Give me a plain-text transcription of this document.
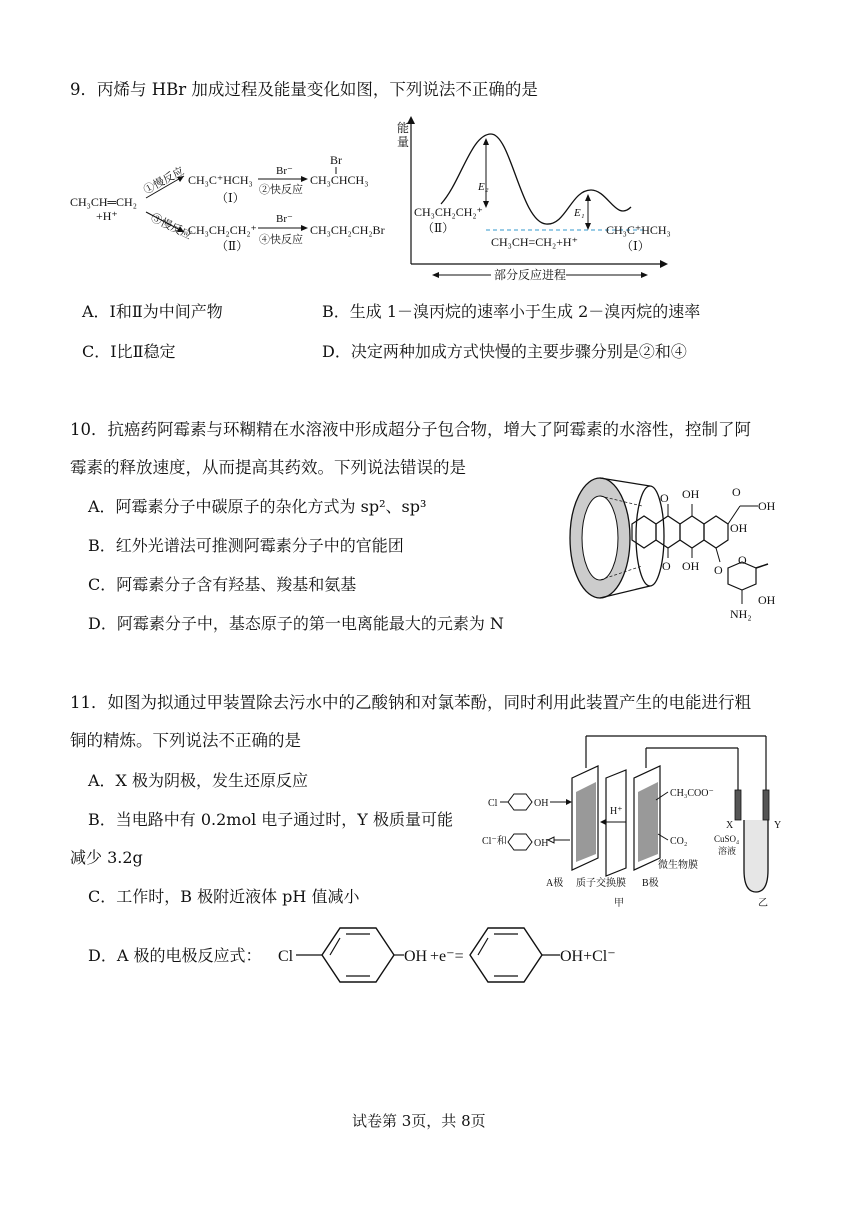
9．丙烯与 HBr 加成过程及能量变化如图，下列说法不正确的是
CH₃CH═CH₂
+H⁺
①慢反应
③慢反应
CH₃C⁺HCH₃
（Ⅰ）
Br⁻
②快反应
Br
CH₃CHCH₃
CH₃CH₂CH₂⁺
（Ⅱ）
Br⁻
④快反应
CH₃CH₂CH₂Br
能
量
E₂
E₁
CH₃CH₂CH₂⁺
（Ⅱ）
CH₃CH=CH₂+H⁺
CH₃C⁺HCH₃
（Ⅰ）
部分反应进程
A．Ⅰ和Ⅱ为中间产物	B．生成 1－溴丙烷的速率小于生成 2－溴丙烷的速率
C．Ⅰ比Ⅱ稳定	D．决定两种加成方式快慢的主要步骤分别是②和④
10．抗癌药阿霉素与环糊精在水溶液中形成超分子包合物，增大了阿霉素的水溶性，控制了阿
霉素的释放速度，从而提高其药效。下列说法错误的是
A．阿霉素分子中碳原子的杂化方式为 sp²、sp³
B．红外光谱法可推测阿霉素分子中的官能团
C．阿霉素分子含有羟基、羧基和氨基
D．阿霉素分子中，基态原子的第一电离能最大的元素为 N
O
O
OH
OH
O
OH
OH
O
O
OH
NH₂
11．如图为拟通过甲装置除去污水中的乙酸钠和对氯苯酚，同时利用此装置产生的电能进行粗
铜的精炼。下列说法不正确的是
A．X 极为阴极，发生还原反应
B．当电路中有 0.2mol 电子通过时，Y 极质量可能
减少 3.2g
C．工作时，B 极附近液体 pH 值减小
Cl	OH
Cl⁻和	OH
H⁺
CH₃COO⁻
CO₂
微生物膜
A极 质子交换膜 B极
甲
X	Y
CuSO₄
溶液
乙
D．A 极的电极反应式： Cl	OH +e⁻=	OH+Cl⁻
试卷第 3页，共 8页
